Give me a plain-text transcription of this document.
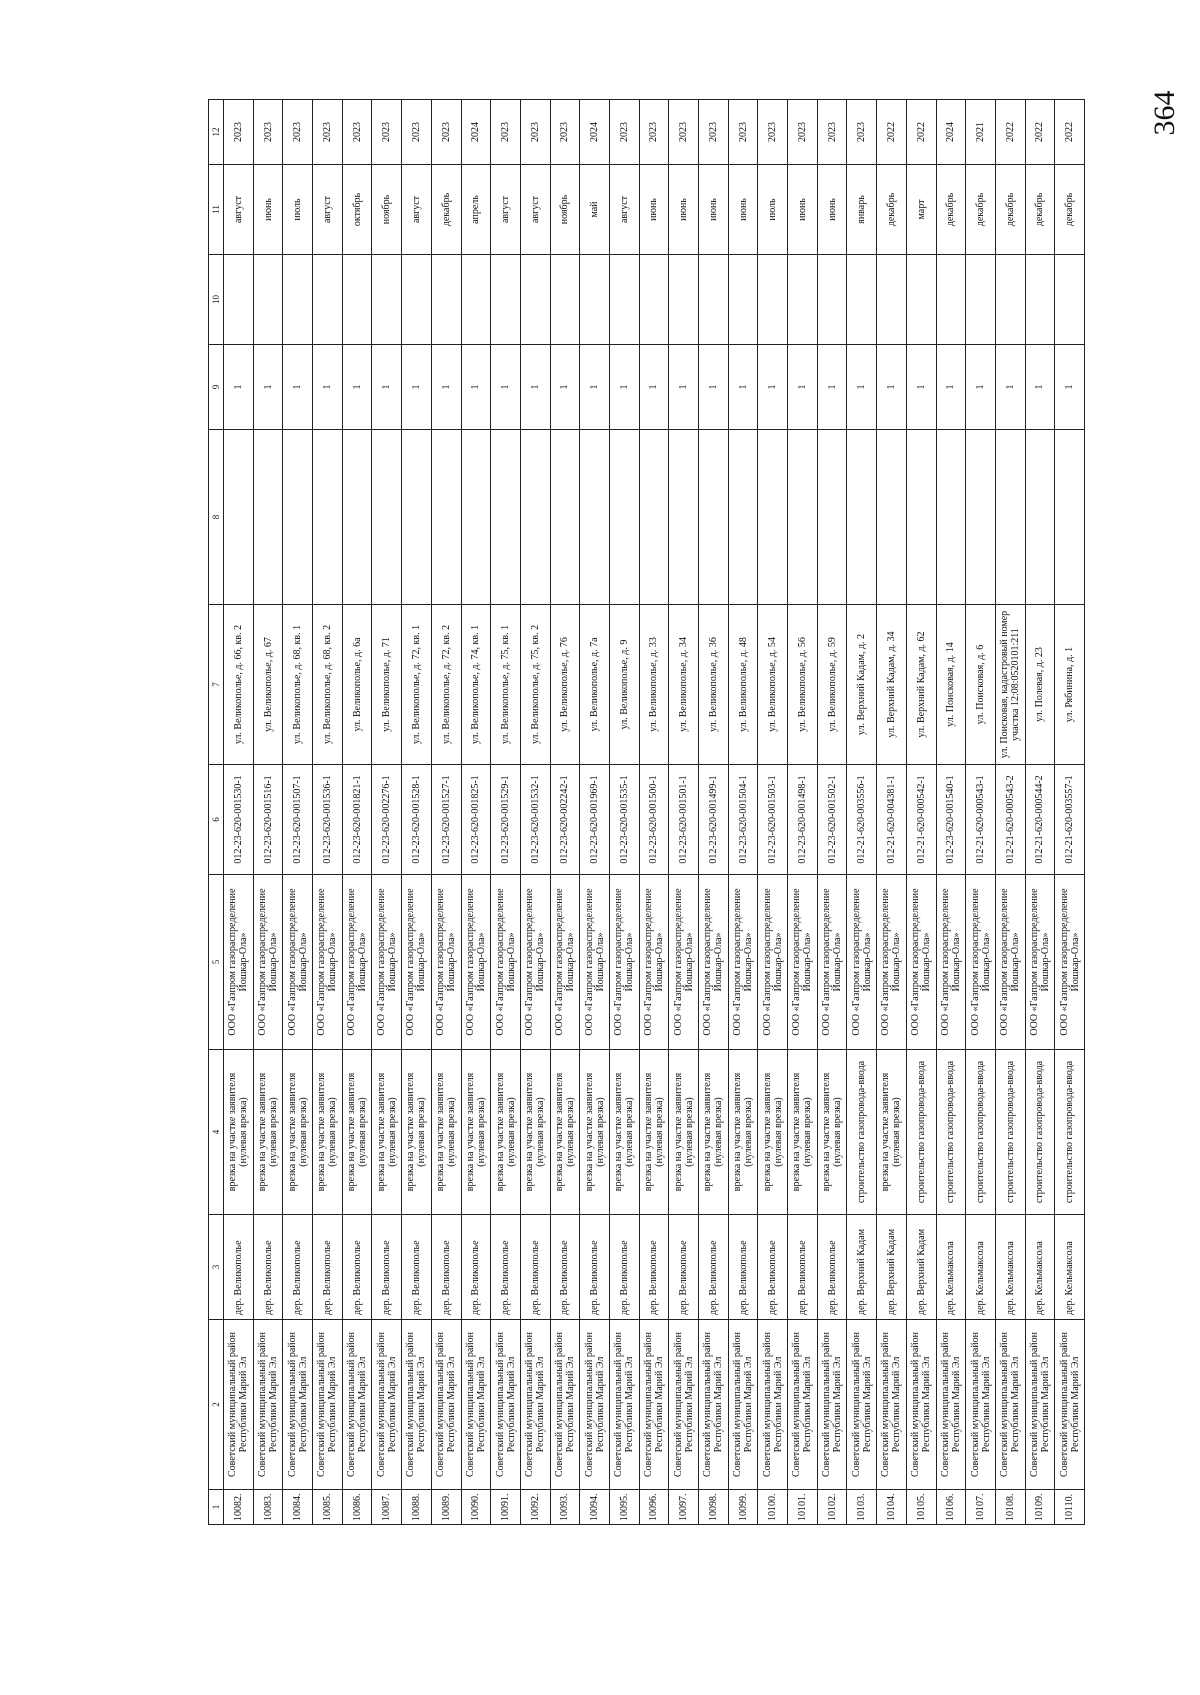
364
1	2	3	4	5	6	7	8	9	10	11	12
10082.	Советский муниципальный район Республики Марий Эл	дер. Великополье	врезка на участке заявителя (нулевая врезка)	ООО «Газпром газораспределение Йошкар-Ола»	012-23-620-001530-1	ул. Великополье, д. 66, кв. 2		1		август	2023
10083.	Советский муниципальный район Республики Марий Эл	дер. Великополье	врезка на участке заявителя (нулевая врезка)	ООО «Газпром газораспределение Йошкар-Ола»	012-23-620-001516-1	ул. Великополье, д. 67		1		июнь	2023
10084.	Советский муниципальный район Республики Марий Эл	дер. Великополье	врезка на участке заявителя (нулевая врезка)	ООО «Газпром газораспределение Йошкар-Ола»	012-23-620-001507-1	ул. Великополье, д. 68, кв. 1		1		июль	2023
10085.	Советский муниципальный район Республики Марий Эл	дер. Великополье	врезка на участке заявителя (нулевая врезка)	ООО «Газпром газораспределение Йошкар-Ола»	012-23-620-001536-1	ул. Великополье, д. 68, кв. 2		1		август	2023
10086.	Советский муниципальный район Республики Марий Эл	дер. Великополье	врезка на участке заявителя (нулевая врезка)	ООО «Газпром газораспределение Йошкар-Ола»	012-23-620-001821-1	ул. Великополье, д. 6а		1		октябрь	2023
10087.	Советский муниципальный район Республики Марий Эл	дер. Великополье	врезка на участке заявителя (нулевая врезка)	ООО «Газпром газораспределение Йошкар-Ола»	012-23-620-002276-1	ул. Великополье, д. 71		1		ноябрь	2023
10088.	Советский муниципальный район Республики Марий Эл	дер. Великополье	врезка на участке заявителя (нулевая врезка)	ООО «Газпром газораспределение Йошкар-Ола»	012-23-620-001528-1	ул. Великополье, д. 72, кв. 1		1		август	2023
10089.	Советский муниципальный район Республики Марий Эл	дер. Великополье	врезка на участке заявителя (нулевая врезка)	ООО «Газпром газораспределение Йошкар-Ола»	012-23-620-001527-1	ул. Великополье, д. 72, кв. 2		1		декабрь	2023
10090.	Советский муниципальный район Республики Марий Эл	дер. Великополье	врезка на участке заявителя (нулевая врезка)	ООО «Газпром газораспределение Йошкар-Ола»	012-23-620-001825-1	ул. Великополье, д. 74, кв. 1		1		апрель	2024
10091.	Советский муниципальный район Республики Марий Эл	дер. Великополье	врезка на участке заявителя (нулевая врезка)	ООО «Газпром газораспределение Йошкар-Ола»	012-23-620-001529-1	ул. Великополье, д. 75, кв. 1		1		август	2023
10092.	Советский муниципальный район Республики Марий Эл	дер. Великополье	врезка на участке заявителя (нулевая врезка)	ООО «Газпром газораспределение Йошкар-Ола»	012-23-620-001532-1	ул. Великополье, д. 75, кв. 2		1		август	2023
10093.	Советский муниципальный район Республики Марий Эл	дер. Великополье	врезка на участке заявителя (нулевая врезка)	ООО «Газпром газораспределение Йошкар-Ола»	012-23-620-002242-1	ул. Великополье, д. 76		1		ноябрь	2023
10094.	Советский муниципальный район Республики Марий Эл	дер. Великополье	врезка на участке заявителя (нулевая врезка)	ООО «Газпром газораспределение Йошкар-Ола»	012-23-620-001969-1	ул. Великополье, д. 7а		1		май	2024
10095.	Советский муниципальный район Республики Марий Эл	дер. Великополье	врезка на участке заявителя (нулевая врезка)	ООО «Газпром газораспределение Йошкар-Ола»	012-23-620-001535-1	ул. Великополье, д. 9		1		август	2023
10096.	Советский муниципальный район Республики Марий Эл	дер. Великополье	врезка на участке заявителя (нулевая врезка)	ООО «Газпром газораспределение Йошкар-Ола»	012-23-620-001500-1	ул. Великополье, д. 33		1		июнь	2023
10097.	Советский муниципальный район Республики Марий Эл	дер. Великополье	врезка на участке заявителя (нулевая врезка)	ООО «Газпром газораспределение Йошкар-Ола»	012-23-620-001501-1	ул. Великополье, д. 34		1		июнь	2023
10098.	Советский муниципальный район Республики Марий Эл	дер. Великополье	врезка на участке заявителя (нулевая врезка)	ООО «Газпром газораспределение Йошкар-Ола»	012-23-620-001499-1	ул. Великополье, д. 36		1		июнь	2023
10099.	Советский муниципальный район Республики Марий Эл	дер. Великополье	врезка на участке заявителя (нулевая врезка)	ООО «Газпром газораспределение Йошкар-Ола»	012-23-620-001504-1	ул. Великополье, д. 48		1		июнь	2023
10100.	Советский муниципальный район Республики Марий Эл	дер. Великополье	врезка на участке заявителя (нулевая врезка)	ООО «Газпром газораспределение Йошкар-Ола»	012-23-620-001503-1	ул. Великополье, д. 54		1		июль	2023
10101.	Советский муниципальный район Республики Марий Эл	дер. Великополье	врезка на участке заявителя (нулевая врезка)	ООО «Газпром газораспределение Йошкар-Ола»	012-23-620-001498-1	ул. Великополье, д. 56		1		июнь	2023
10102.	Советский муниципальный район Республики Марий Эл	дер. Великополье	врезка на участке заявителя (нулевая врезка)	ООО «Газпром газораспределение Йошкар-Ола»	012-23-620-001502-1	ул. Великополье, д. 59		1		июнь	2023
10103.	Советский муниципальный район Республики Марий Эл	дер. Верхний Кадам	строительство газопровода-ввода	ООО «Газпром газораспределение Йошкар-Ола»	012-21-620-003556-1	ул. Верхний Кадам, д. 2		1		январь	2023
10104.	Советский муниципальный район Республики Марий Эл	дер. Верхний Кадам	врезка на участке заявителя (нулевая врезка)	ООО «Газпром газораспределение Йошкар-Ола»	012-21-620-004381-1	ул. Верхний Кадам, д. 34		1		декабрь	2022
10105.	Советский муниципальный район Республики Марий Эл	дер. Верхний Кадам	строительство газопровода-ввода	ООО «Газпром газораспределение Йошкар-Ола»	012-21-620-000542-1	ул. Верхний Кадам, д. 62		1		март	2022
10106.	Советский муниципальный район Республики Марий Эл	дер. Кельмаксола	строительство газопровода-ввода	ООО «Газпром газораспределение Йошкар-Ола»	012-23-620-001540-1	ул. Поисковая, д. 14		1		декабрь	2024
10107.	Советский муниципальный район Республики Марий Эл	дер. Кельмаксола	строительство газопровода-ввода	ООО «Газпром газораспределение Йошкар-Ола»	012-21-620-000543-1	ул. Поисковая, д. 6		1		декабрь	2021
10108.	Советский муниципальный район Республики Марий Эл	дер. Кельмаксола	строительство газопровода-ввода	ООО «Газпром газораспределение Йошкар-Ола»	012-21-620-000543-2	ул. Поисковая, кадастровый номер участка 12:08:0520101:211		1		декабрь	2022
10109.	Советский муниципальный район Республики Марий Эл	дер. Кельмаксола	строительство газопровода-ввода	ООО «Газпром газораспределение Йошкар-Ола»	012-21-620-000544-2	ул. Полевая, д. 23		1		декабрь	2022
10110.	Советский муниципальный район Республики Марий Эл	дер. Кельмаксола	строительство газопровода-ввода	ООО «Газпром газораспределение Йошкар-Ола»	012-21-620-003557-1	ул. Рябинина, д. 1		1		декабрь	2022
